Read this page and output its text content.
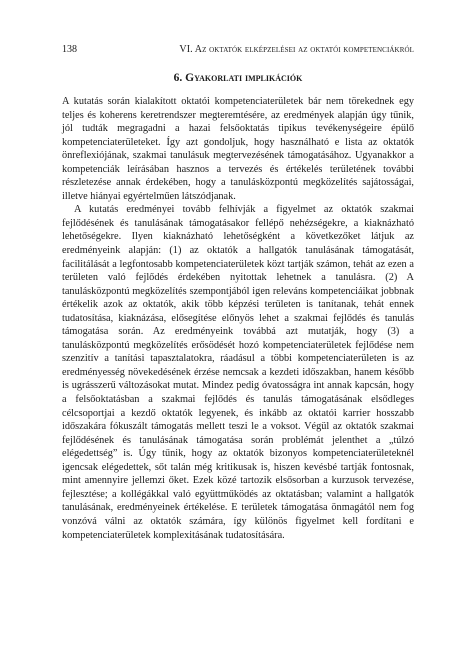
138	VI. Az oktatók elképzelései az oktatói kompetenciákról
6. Gyakorlati implikációk

A kutatás során kialakított oktatói kompetenciaterületek bár nem törekednek egy teljes és koherens keretrendszer megteremtésére, az eredmények alapján úgy tűnik, jól tudták megragadni a hazai felsőoktatás tipikus tevékenységeire épülő kompetenciaterületeket. Így azt gondoljuk, hogy használható e lista az oktatók önreflexiójának, szakmai tanulásuk megtervezésének támogatásához. Ugyanakkor a kompetenciák leírásában hasznos a tervezés és értékelés területének további részletezése annak érdekében, hogy a tanulásközpontú megközelítés sajátosságai, illetve hiányai egyértelműen látszódjanak.

A kutatás eredményei tovább felhívják a figyelmet az oktatók szakmai fejlődésének és tanulásának támogatásakor fellépő nehézségekre, a kiaknázható lehetőségekre. Ilyen kiaknázható lehetőségként a következőket látjuk az eredményeink alapján: (1) az oktatók a hallgatók tanulásának támogatását, facilitálását a legfontosabb kompetenciaterületek közt tartják számon, tehát az ezen a területen való fejlődés érdekében nyitottak lehetnek a tanulásra. (2) A tanulásközpontú megközelítés szempontjából igen releváns kompetenciáikat jobbnak értékelik azok az oktatók, akik több képzési területen is tanítanak, tehát ennek tudatosítása, kiaknázása, elősegítése előnyös lehet a szakmai fejlődés és tanulás támogatása során. Az eredményeink továbbá azt mutatják, hogy (3) a tanulásközpontú megközelítés erősödését hozó kompetenciaterületek fejlődése nem szenzitív a tanítási tapasztalatokra, ráadásul a többi kompetenciaterületen is az eredményesség növekedésének érzése nemcsak a kezdeti időszakban, hanem később is ugrásszerű változásokat mutat. Mindez pedig óvatosságra int annak kapcsán, hogy a felsőoktatásban a szakmai fejlődés és tanulás támogatásának elsődleges célcsoportjai a kezdő oktatók legyenek, és inkább az oktatói karrier hosszabb időszakára fókuszált támogatás mellett teszi le a voksot. Végül az oktatók szakmai fejlődésének és tanulásának támogatása során problémát jelenthet a „túlzó elégedettség” is. Úgy tűnik, hogy az oktatók bizonyos kompetenciaterületeknél igencsak elégedettek, sőt talán még kritikusak is, hiszen kevésbé tartják fontosnak, mint amennyire jellemzi őket. Ezek közé tartozik elsősorban a kurzusok tervezése, fejlesztése; a kollégákkal való együttműködés az oktatásban; valamint a hallgatók tanulásának, eredményeinek értékelése. E területek támogatása önmagától nem fog vonzóvá válni az oktatók számára, így különös figyelmet kell fordítani e kompetenciaterületek komplexitásának tudatosítására.
